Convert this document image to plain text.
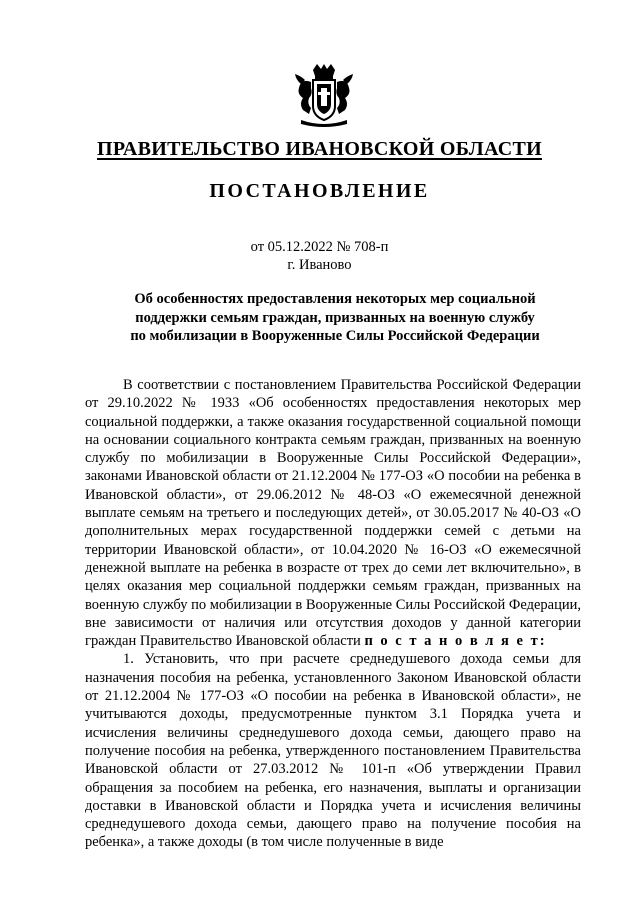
ПРАВИТЕЛЬСТВО ИВАНОВСКОЙ ОБЛАСТИ
ПОСТАНОВЛЕНИЕ
от 05.12.2022 № 708-п
г. Иваново
Об особенностях предоставления некоторых мер социальной
поддержки семьям граждан, призванных на военную службу
по мобилизации в Вооруженные Силы Российской Федерации

В соответствии с постановлением Правительства Российской Федерации от 29.10.2022 № 1933 «Об особенностях предоставления некоторых мер социальной поддержки, а также оказания государственной социальной помощи на основании социального контракта семьям граждан, призванных на военную службу по мобилизации в Вооруженные Силы Российской Федерации», законами Ивановской области от 21.12.2004 № 177-ОЗ «О пособии на ребенка в Ивановской области», от 29.06.2012 № 48-ОЗ «О ежемесячной денежной выплате семьям на третьего и последующих детей», от 30.05.2017 № 40-ОЗ «О дополнительных мерах государственной поддержки семей с детьми на территории Ивановской области», от 10.04.2020 № 16-ОЗ «О ежемесячной денежной выплате на ребенка в возрасте от трех до семи лет включительно», в целях оказания мер социальной поддержки семьям граждан, призванных на военную службу по мобилизации в Вооруженные Силы Российской Федерации, вне зависимости от наличия или отсутствия доходов у данной категории граждан Правительство Ивановской области п о с т а н о в л я е т:

1. Установить, что при расчете среднедушевого дохода семьи для назначения пособия на ребенка, установленного Законом Ивановской области от 21.12.2004 № 177-ОЗ «О пособии на ребенка в Ивановской области», не учитываются доходы, предусмотренные пунктом 3.1 Порядка учета и исчисления величины среднедушевого дохода семьи, дающего право на получение пособия на ребенка, утвержденного постановлением Правительства Ивановской области от 27.03.2012 № 101-п «Об утверждении Правил обращения за пособием на ребенка, его назначения, выплаты и организации доставки в Ивановской области и Порядка учета и исчисления величины среднедушевого дохода семьи, дающего право на получение пособия на ребенка», а также доходы (в том числе полученные в виде
